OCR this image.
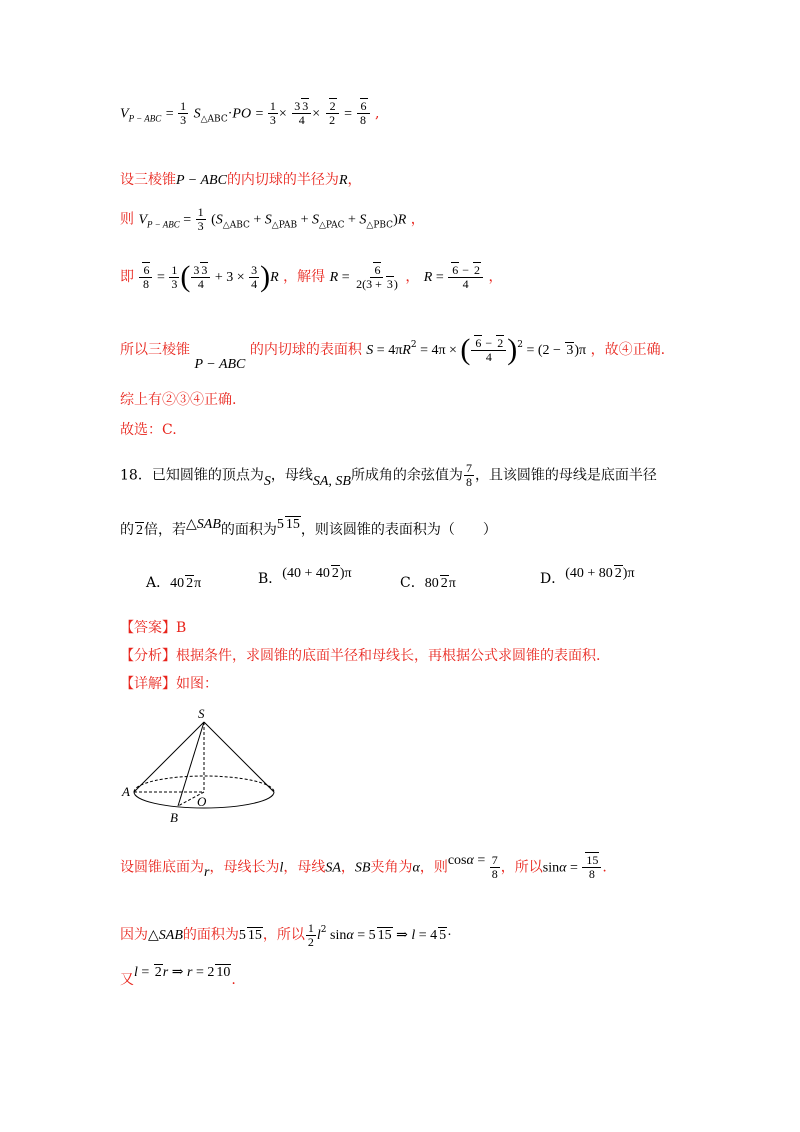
$V_{P - ABC} = \frac{1}{3} S_{\triangle ABC}\cdot PO = \frac{1}{3} \times \frac{3 3}{4} \times \frac{2}{2} = \frac{6}{8}$ ,
设三棱锥P − ABC的内切球的半径为R，
则 $V_{P - ABC} = \frac{1}{3} (S_{\triangle ABC} + S_{\triangle PAB} + S_{\triangle PAC} + S_{\triangle PBC})R$ ，
即 $\frac{6}{8} = \frac{1}{3}$ ( $\frac{3 3}{4} + 3 \times \frac{3}{4} )R$ ，解得 $R = \frac{6}{2(3 + 3)}$ ， $R = \frac{6 - 2}{4}$ ，
所以三棱锥 P − ABC 的内切球的表面积 $S = 4\pi R^2 = 4\pi$ × ( $\frac{6 - 2}{4} )^2 = (2 - 3)\pi$ ，故④正确.
综上有②③④正确.
故选：C.
18．已知圆锥的顶点为S，母线SA, SB所成角的余弦值为 $\frac{7}{8}$ ，且该圆锥的母线是底面半径
的 2倍，若△SAB的面积为5 15，则该圆锥的表面积为（　　）
A．40 2π	B．(40 + 40 2)π
C．80 2π	D．(40 + 80 2)π
【答案】B
【分析】根据条件，求圆锥的底面半径和母线长，再根据公式求圆锥的表面积.
【详解】如图：
S
A
O
B
设圆锥底面为r，母线长为l，母线SA，SB夹角为α，则$\cos\alpha = \frac{7}{8}$ ，所以$\sin\alpha = \frac{15}{8}$ .
因为△SAB的面积为5 15，所以 $\frac{1}{2} l^2$ sinα = 5 15 ⇒ l = 4 5·
又l = 2r ⇒ r = 2 10.
